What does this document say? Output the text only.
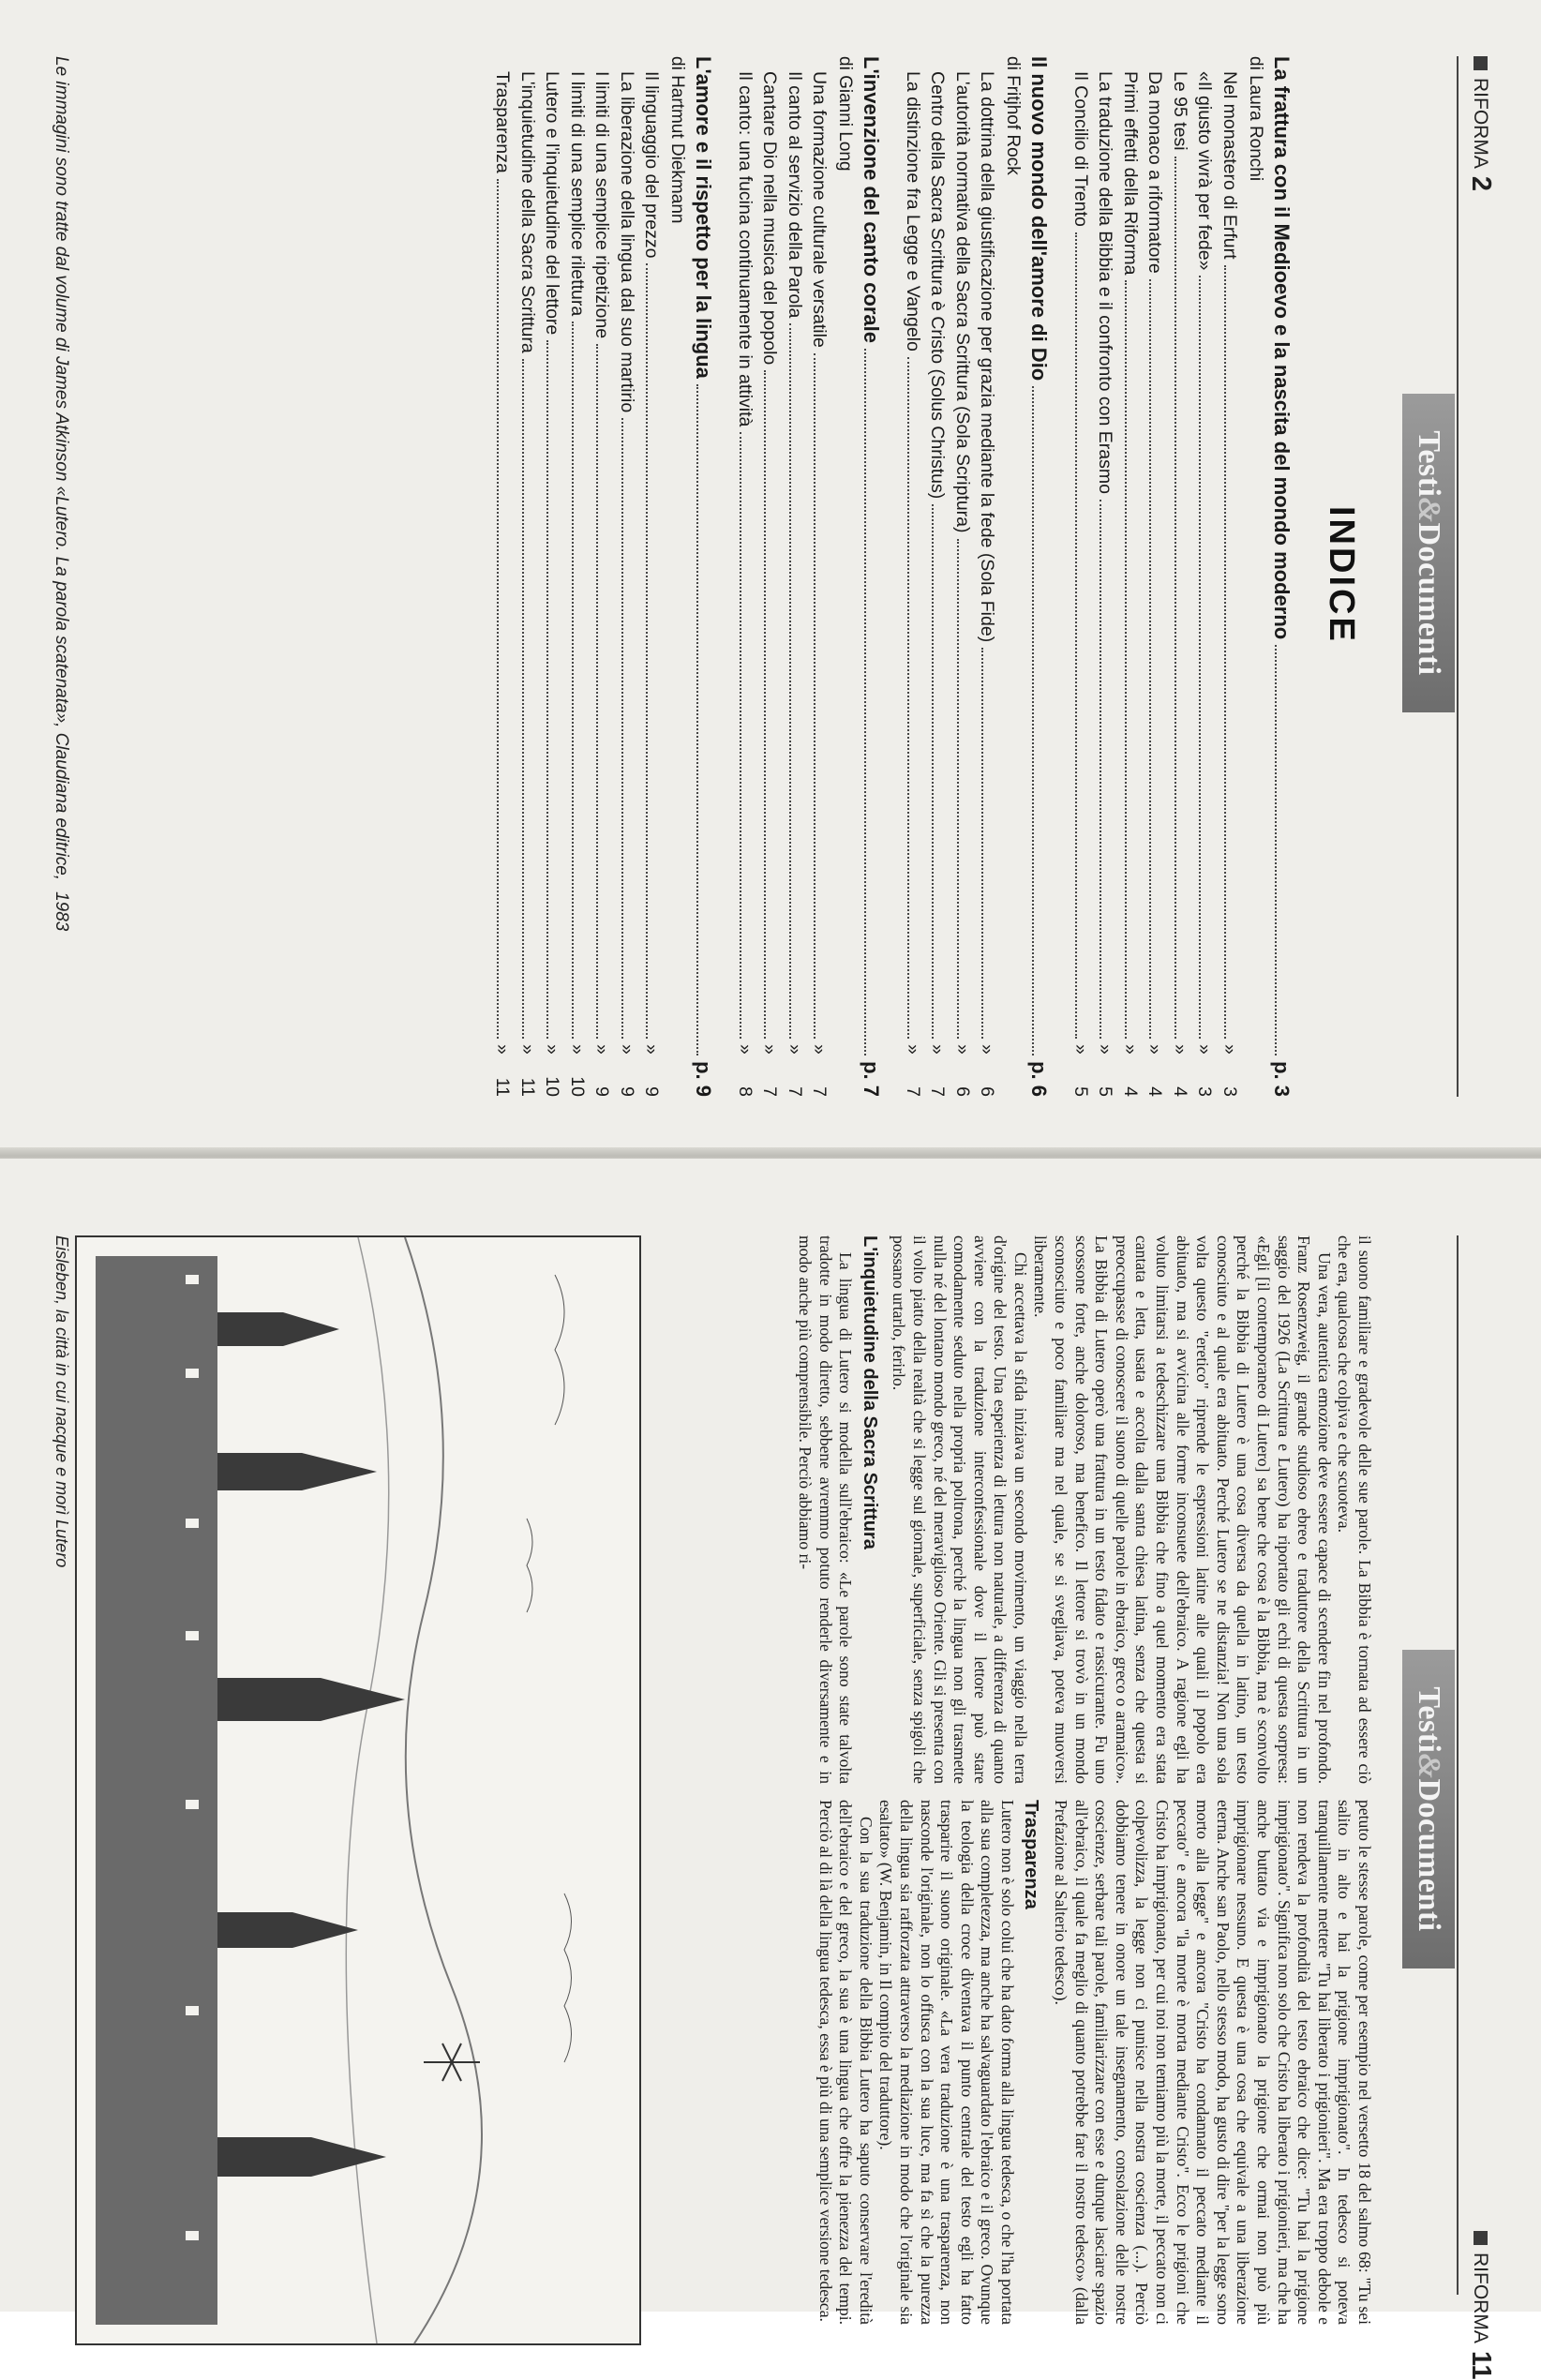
RIFORMA
2
Testi
&
Documenti
INDICE
La frattura con il Medioevo e la nascita del mondo moderno
p. 3
di Laura Ronchi
Nel monastero di Erfurt
»
3
«Il giusto vivrà per fede»
»
3
Le 95 tesi
»
4
Da monaco a riformatore
»
4
Primi effetti della Riforma
»
4
La traduzione della Bibbia e il confronto con Erasmo
»
5
Il Concilio di Trento
»
5
Il nuovo mondo dell'amore di Dio
p. 6
di Fritjhof Rock
La dottrina della giustificazione per grazia mediante la fede (Sola Fide)
»
6
L'autorità normativa della Sacra Scrittura (Sola Scriptura)
»
6
Centro della Sacra Scrittura è Cristo (Solus Christus)
»
7
La distinzione fra Legge e Vangelo
»
7
L'invenzione del canto corale
p. 7
di Gianni Long
Una formazione culturale versatile
»
7
Il canto al servizio della Parola
»
7
Cantare Dio nella musica del popolo
»
7
Il canto: una fucina continuamente in attività
»
8
L'amore e il rispetto per la lingua
p. 9
di Hartmut Diekmann
Il linguaggio del prezzo
»
9
La liberazione della lingua dal suo martirio
»
9
I limiti di una semplice ripetizione
»
9
I limiti di una semplice rilettura
»
10
Lutero e l'inquietudine del lettore
»
10
L'inquietudine della Sacra Scrittura
»
11
Trasparenza
»
11
Le immagini sono tratte dal volume di James Atkinson «Lutero. La parola scatenata», Claudiana editrice,1983
RIFORMA
11
Testi
&
Documenti

il suono familiare e gradevole delle sue parole. La Bibbia è tornata ad essere ciò che era, qualcosa che colpiva e che scuoteva.

Una vera, autentica emozione deve essere capace di scendere fin nel profondo. Franz Rosenzweig, il grande studioso ebreo e traduttore della Scrittura in un saggio del 1926 (La Scrittura e Lutero) ha riportato gli echi di questa sorpresa: «Egli [il contemporaneo di Lutero] sa bene che cosa è la Bibbia, ma è sconvolto perché la Bibbia di Lutero è una cosa diversa da quella in latino, un testo conosciuto e al quale era abituato. Perché Lutero se ne distanzia! Non una sola volta questo "eretico" riprende le espressioni latine alle quali il popolo era abituato, ma si avvicina alle forme inconsuete dell'ebraico. A ragione egli ha voluto limitarsi a tedeschizzare una Bibbia che fino a quel momento era stata cantata e letta, usata e accolta dalla santa chiesa latina, senza che questa si preoccupasse di conoscere il suono di quelle parole in ebraico, greco o aramaico». La Bibbia di Lutero operò una frattura in un testo fidato e rassicurante. Fu uno scossone forte, anche doloroso, ma benefico. Il lettore si trovò in un mondo sconosciuto e poco familiare ma nel quale, se si svegliava, poteva muoversi liberamente.

Chi accettava la sfida iniziava un secondo movimento, un viaggio nella terra d'origine del testo. Una esperienza di lettura non naturale, a differenza di quanto avviene con la traduzione interconfessionale dove il lettore può stare comodamente seduto nella propria poltrona, perché la lingua non gli trasmette nulla né del lontano mondo greco, né del meraviglioso Oriente. Gli si presenta con il volto piatto della realtà che si legge sul giornale, superficiale, senza spigoli che possano urtarlo, ferirlo.

L'inquietudine della Sacra Scrittura

La lingua di Lutero si modella sull'ebraico: «Le parole sono state talvolta tradotte in modo diretto, sebbene avremmo potuto renderle diversamente e in modo anche più comprensibile. Perciò abbiamo ri-

petuto le stesse parole, come per esempio nel versetto 18 del salmo 68: "Tu sei salito in alto e hai la prigione imprigionato". In tedesco si poteva tranquillamente mettere "Tu hai liberato i prigionieri". Ma era troppo debole e non rendeva la profondità del testo ebraico che dice: "Tu hai la prigione imprigionato". Significa non solo che Cristo ha liberato i prigionieri, ma che ha anche buttato via e imprigionato la prigione che ormai non può più imprigionare nessuno. E questa è una cosa che equivale a una liberazione eterna. Anche san Paolo, nello stesso modo, ha gusto di dire "per la legge sono morto alla legge" e ancora "Cristo ha condannato il peccato mediante il peccato" e ancora "la morte è morta mediante Cristo". Ecco le prigioni che Cristo ha imprigionato, per cui noi non temiamo più la morte, il peccato non ci colpevolizza, la legge non ci punisce nella nostra coscienza (...). Perciò dobbiamo tenere in onore un tale insegnamento, consolazione delle nostre coscienze, serbare tali parole, familiarizzare con esse e dunque lasciare spazio all'ebraico, il quale fa meglio di quanto potrebbe fare il nostro tedesco» (dalla Prefazione al Salterio tedesco).

Trasparenza

Lutero non è solo colui che ha dato forma alla lingua tedesca, o che l'ha portata alla sua completezza, ma anche ha salvaguardato l'ebraico e il greco. Ovunque la teologia della croce diventava il punto centrale del testo egli ha fatto trasparire il suono originale. «La vera traduzione è una trasparenza, non nasconde l'originale, non lo offusca con la sua luce, ma fa sì che la purezza della lingua sia rafforzata attraverso la mediazione in modo che l'originale sia esaltato» (W. Benjamin, in Il compito del traduttore).

Con la sua traduzione della Bibbia Lutero ha saputo conservare l'eredità dell'ebraico e del greco, la sua è una lingua che offre la pienezza del tempi. Perciò al di là della lingua tedesca, essa è più di una semplice versione tedesca.

Eisleben, la città in cui nacque e morì Lutero
